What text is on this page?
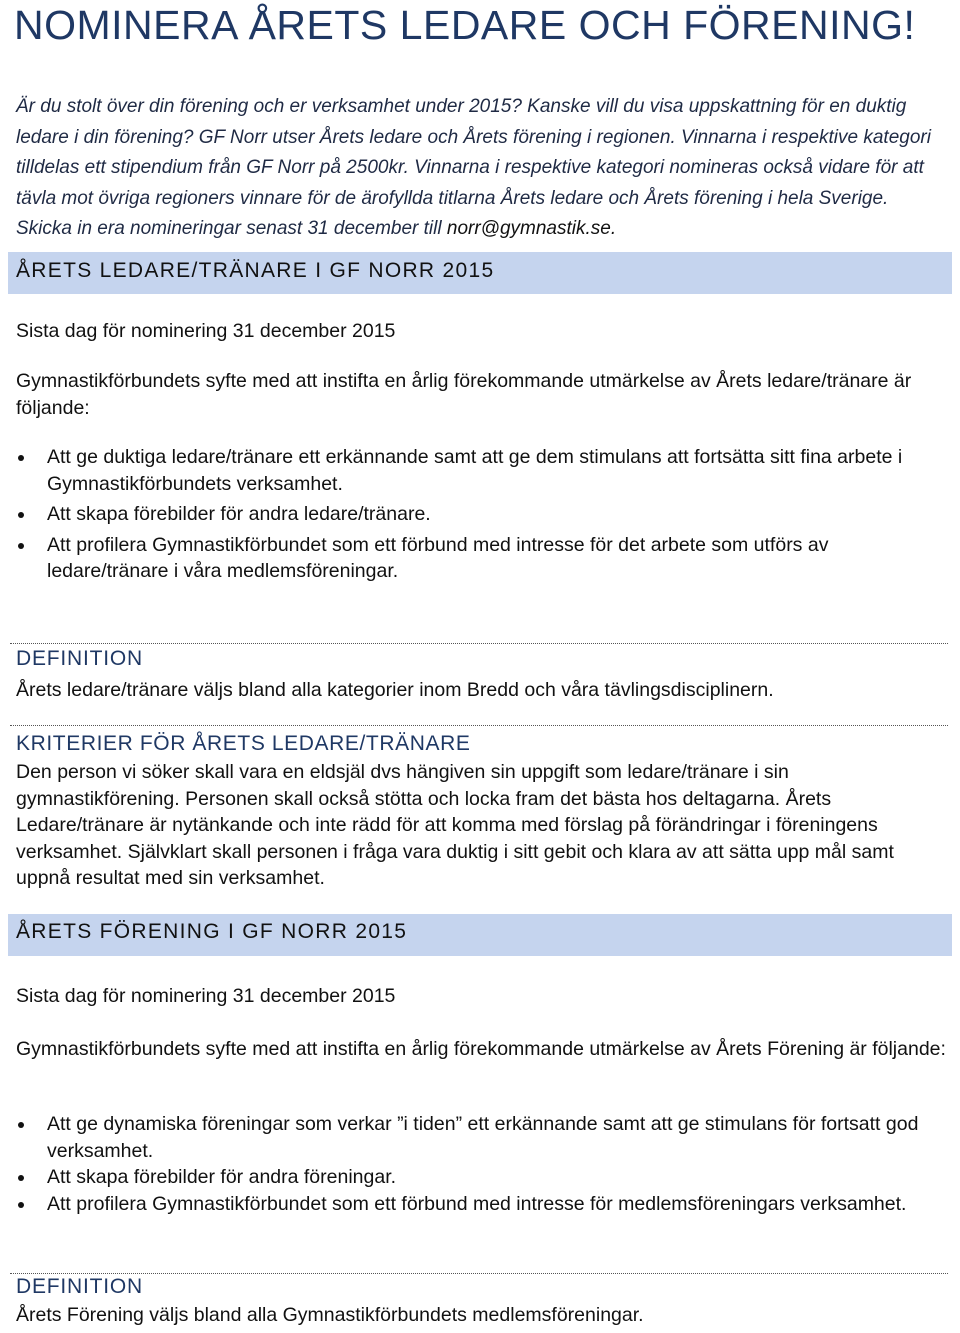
NOMINERA ÅRETS LEDARE OCH FÖRENING!

Är du stolt över din förening och er verksamhet under 2015? Kanske vill du visa uppskattning för en duktig ledare i din förening? GF Norr utser Årets ledare och Årets förening i regionen. Vinnarna i respektive kategori tilldelas ett stipendium från GF Norr på 2500kr. Vinnarna i respektive kategori nomineras också vidare för att tävla mot övriga regioners vinnare för de ärofyllda titlarna Årets ledare och Årets förening i hela Sverige. Skicka in era nomineringar senast 31 december till norr@gymnastik.se.

ÅRETS LEDARE/TRÄNARE I GF NORR 2015

Sista dag för nominering 31 december 2015

Gymnastikförbundets syfte med att instifta en årlig förekommande utmärkelse av Årets ledare/tränare är följande:

Att ge duktiga ledare/tränare ett erkännande samt att ge dem stimulans att fortsätta sitt fina arbete i Gymnastikförbundets verksamhet.
Att skapa förebilder för andra ledare/tränare.
Att profilera Gymnastikförbundet som ett förbund med intresse för det arbete som utförs av ledare/tränare i våra medlemsföreningar.
DEFINITION

Årets ledare/tränare väljs bland alla kategorier inom Bredd och våra tävlingsdisciplinern.

KRITERIER FÖR ÅRETS LEDARE/TRÄNARE

Den person vi söker skall vara en eldsjäl dvs hängiven sin uppgift som ledare/tränare i sin gymnastikförening. Personen skall också stötta och locka fram det bästa hos deltagarna. Årets Ledare/tränare är nytänkande och inte rädd för att komma med förslag på förändringar i föreningens verksamhet. Självklart skall personen i fråga vara duktig i sitt gebit och klara av att sätta upp mål samt uppnå resultat med sin verksamhet.

ÅRETS FÖRENING I GF NORR 2015

Sista dag för nominering 31 december 2015

Gymnastikförbundets syfte med att instifta en årlig förekommande utmärkelse av Årets Förening är följande:

Att ge dynamiska föreningar som verkar ”i tiden” ett erkännande samt att ge stimulans för fortsatt god verksamhet.
Att skapa förebilder för andra föreningar.
Att profilera Gymnastikförbundet som ett förbund med intresse för medlemsföreningars verksamhet.
DEFINITION

Årets Förening väljs bland alla Gymnastikförbundets medlemsföreningar.
